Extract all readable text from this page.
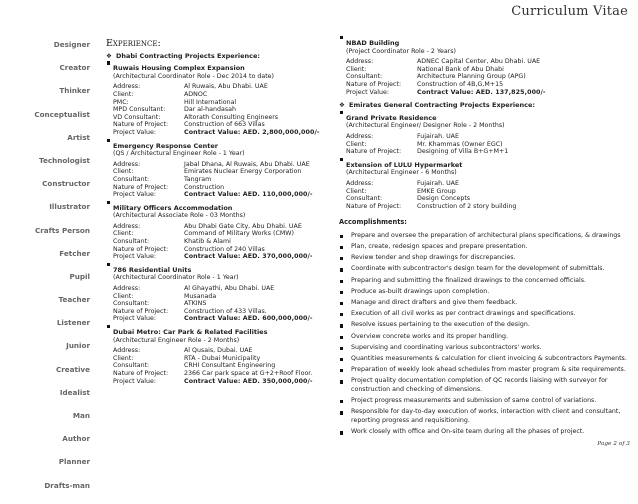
Curriculum Vitae
Designer
Creator
Thinker
Conceptualist
Artist
Technologist
Constructor
Illustrator
Crafts Person
Fetcher
Pupil
Teacher
Listener
Junior
Creative
Idealist
Man
Author
Planner
Drafts-man
Experience:
❖ Dhabi Contracting Projects Experience:
Ruwais Housing Complex Expansion
(Architectural Coordinator Role - Dec 2014 to date)
Address:	Al Ruwais, Abu Dhabi. UAE
Client:	ADNOC
PMC:	Hill International
MPD Consultant:	Dar al-handasah
VD Consultant:	Altorath Consulting Engineers
Nature of Project:	Construction of 663 Villas
Project Value:	Contract Value: AED. 2,800,000,000/-
Emergency Response Center
(QS / Architectural Engineer Role - 1 Year)
Address:	Jabal Dhana, Al Ruwais, Abu Dhabi. UAE
Client:	Emirates Nuclear Energy Corporation
Consultant:	Tangram
Nature of Project:	Construction
Project Value:	Contract Value: AED. 110,000,000/-
Military Officers Accommodation
(Architectural Associate Role - 03 Months)
Address:	Abu Dhabi Gate City, Abu Dhabi. UAE
Client:	Command of Military Works (CMW)
Consultant:	Khatib & Alami
Nature of Project:	Construction of 240 Villas
Project Value:	Contract Value: AED. 370,000,000/-
786 Residential Units
(Architectural Coordinator Role - 1 Year)
Address:	Al Ghayathi, Abu Dhabi. UAE
Client:	Musanada
Consultant:	ATKINS
Nature of Project:	Construction of 433 Villas.
Project Value:	Contract Value: AED. 600,000,000/-
Dubai Metro: Car Park & Related Facilities
(Architectural Engineer Role - 2 Months)
Address:	Al Qusais, Dubai. UAE
Client:	RTA - Dubai Municipality
Consultant:	CRHI Consultant Engineering
Nature of Project:	2366 Car park space at G+2+Roof Floor.
Project Value:	Contract Value: AED. 350,000,000/-
NBAD Building
(Project Coordinator Role - 2 Years)
Address:	ADNEC Capital Center, Abu Dhabi. UAE
Client:	National Bank of Abu Dhabi
Consultant:	Architecture Planning Group (APG)
Nature of Project:	Construction of 4B,G,M+15
Project Value:	Contract Value: AED. 137,825,000/-
❖ Emirates General Contracting Projects Experience:
Grand Private Residence
(Architectural Engineer/ Designer Role - 2 Months)
Address:	Fujairah. UAE
Client:	Mr. Khammas (Owner EGC)
Nature of Project:	Designing of Villa B+G+M+1
Extension of LULU Hypermarket
(Architectural Engineer - 6 Months)
Address:	Fujairah. UAE
Client:	EMKE Group
Consultant:	Design Concepts
Nature of Project:	Construction of 2 story building
Accomplishments:
Prepare and oversee the preparation of architectural plans specifications, & drawings
Plan, create, redesign spaces and prepare presentation.
Review tender and shop drawings for discrepancies.
Coordinate with subcontractor's design team for the development of submittals.
Preparing and submitting the finalized drawings to the concerned officials.
Produce as-built drawings upon completion.
Manage and direct drafters and give them feedback.
Execution of all civil works as per contract drawings and specifications.
Resolve issues pertaining to the execution of the design.
Overview concrete works and its proper handling.
Supervising and coordinating various subcontractors' works.
Quantities measurements & calculation for client invoicing & subcontractors Payments.
Preparation of weekly look ahead schedules from master program & site requirements.
Project quality documentation completion of QC records liaising with surveyor for construction and checking of dimensions.
Project progress measurements and submission of same control of variations.
Responsible for day-to-day execution of works, interaction with client and consultant, reporting progress and requisitioning.
Work closely with office and On-site team during all the phases of project.
Page 2 of 3
